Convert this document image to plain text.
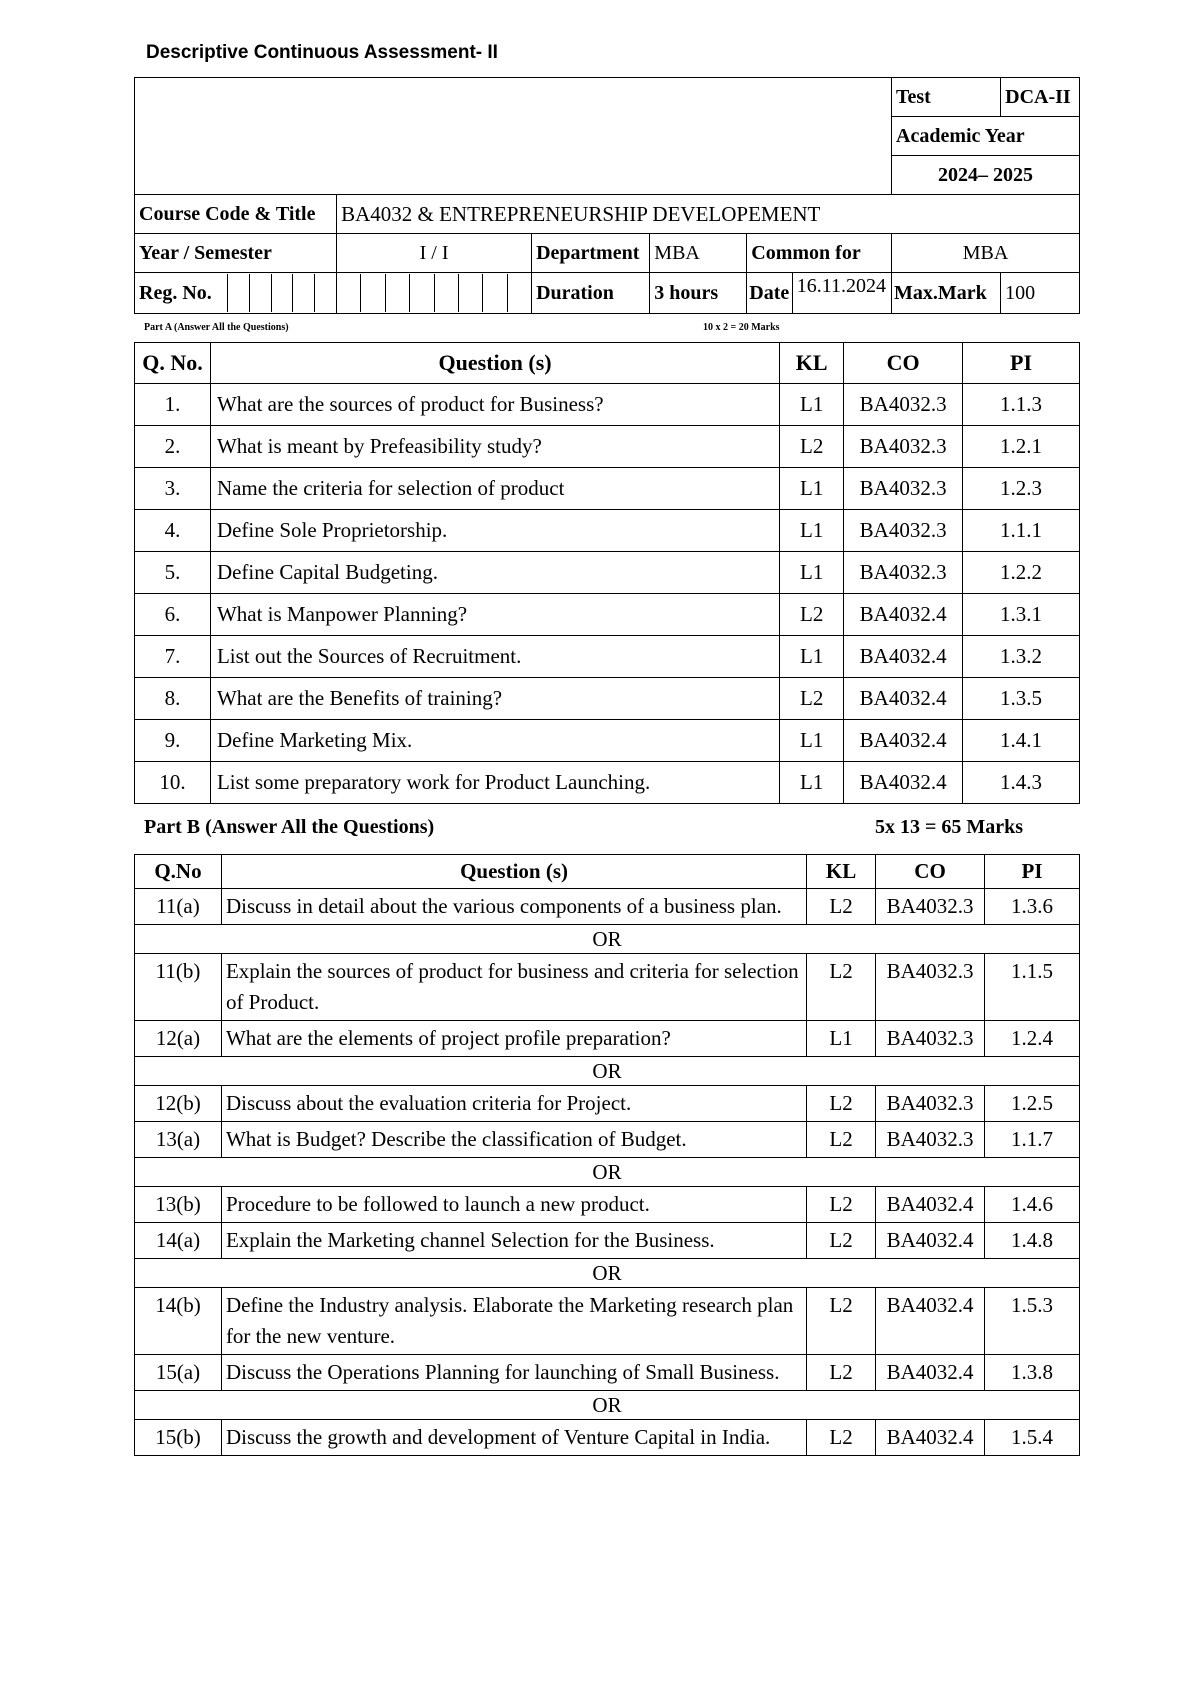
Descriptive Continuous Assessment- II
						Test	DCA-II
						Academic Year	
						2024– 2025	
Course Code & Title	BA4032 & ENTREPRENEURSHIP DEVELOPEMENT						
Year / Semester	I / I	Department	MBA	Common for		MBA	

Reg. No.		Duration	3 hours	Date	16.11.2024	Max.Mark	100
Part A (Answer All the Questions)	10 x 2 = 20 Marks
Q. No.	Question (s)	KL	CO	PI
1.	What are the sources of product for Business?	L1	BA4032.3	1.1.3
2.	What is meant by Prefeasibility study?	L2	BA4032.3	1.2.1
3.	Name the criteria for selection of product	L1	BA4032.3	1.2.3
4.	Define Sole Proprietorship.	L1	BA4032.3	1.1.1
5.	Define Capital Budgeting.	L1	BA4032.3	1.2.2
6.	What is Manpower Planning?	L2	BA4032.4	1.3.1
7.	List out the Sources of Recruitment.	L1	BA4032.4	1.3.2
8.	What are the Benefits of training?	L2	BA4032.4	1.3.5
9.	Define Marketing Mix.	L1	BA4032.4	1.4.1
10.	List some preparatory work for Product Launching.	L1	BA4032.4	1.4.3
Part B (Answer All the Questions)	5x 13 = 65 Marks
Q.No	Question (s)	KL	CO	PI
11(a)	Discuss in detail about the various components of a business plan.	L2	BA4032.3	1.3.6
OR				
11(b)	Explain the sources of product for business and criteria for selection of Product.	L2	BA4032.3	1.1.5
12(a)	What are the elements of project profile preparation?	L1	BA4032.3	1.2.4
OR				
12(b)	Discuss about the evaluation criteria for Project.	L2	BA4032.3	1.2.5
13(a)	What is Budget? Describe the classification of Budget.	L2	BA4032.3	1.1.7
OR				
13(b)	Procedure to be followed to launch a new product.	L2	BA4032.4	1.4.6
14(a)	Explain the Marketing channel Selection for the Business.	L2	BA4032.4	1.4.8
OR				
14(b)	Define the Industry analysis. Elaborate the Marketing research plan for the new venture.	L2	BA4032.4	1.5.3
15(a)	Discuss the Operations Planning for launching of Small Business.	L2	BA4032.4	1.3.8
OR				
15(b)	Discuss the growth and development of Venture Capital in India.	L2	BA4032.4	1.5.4
